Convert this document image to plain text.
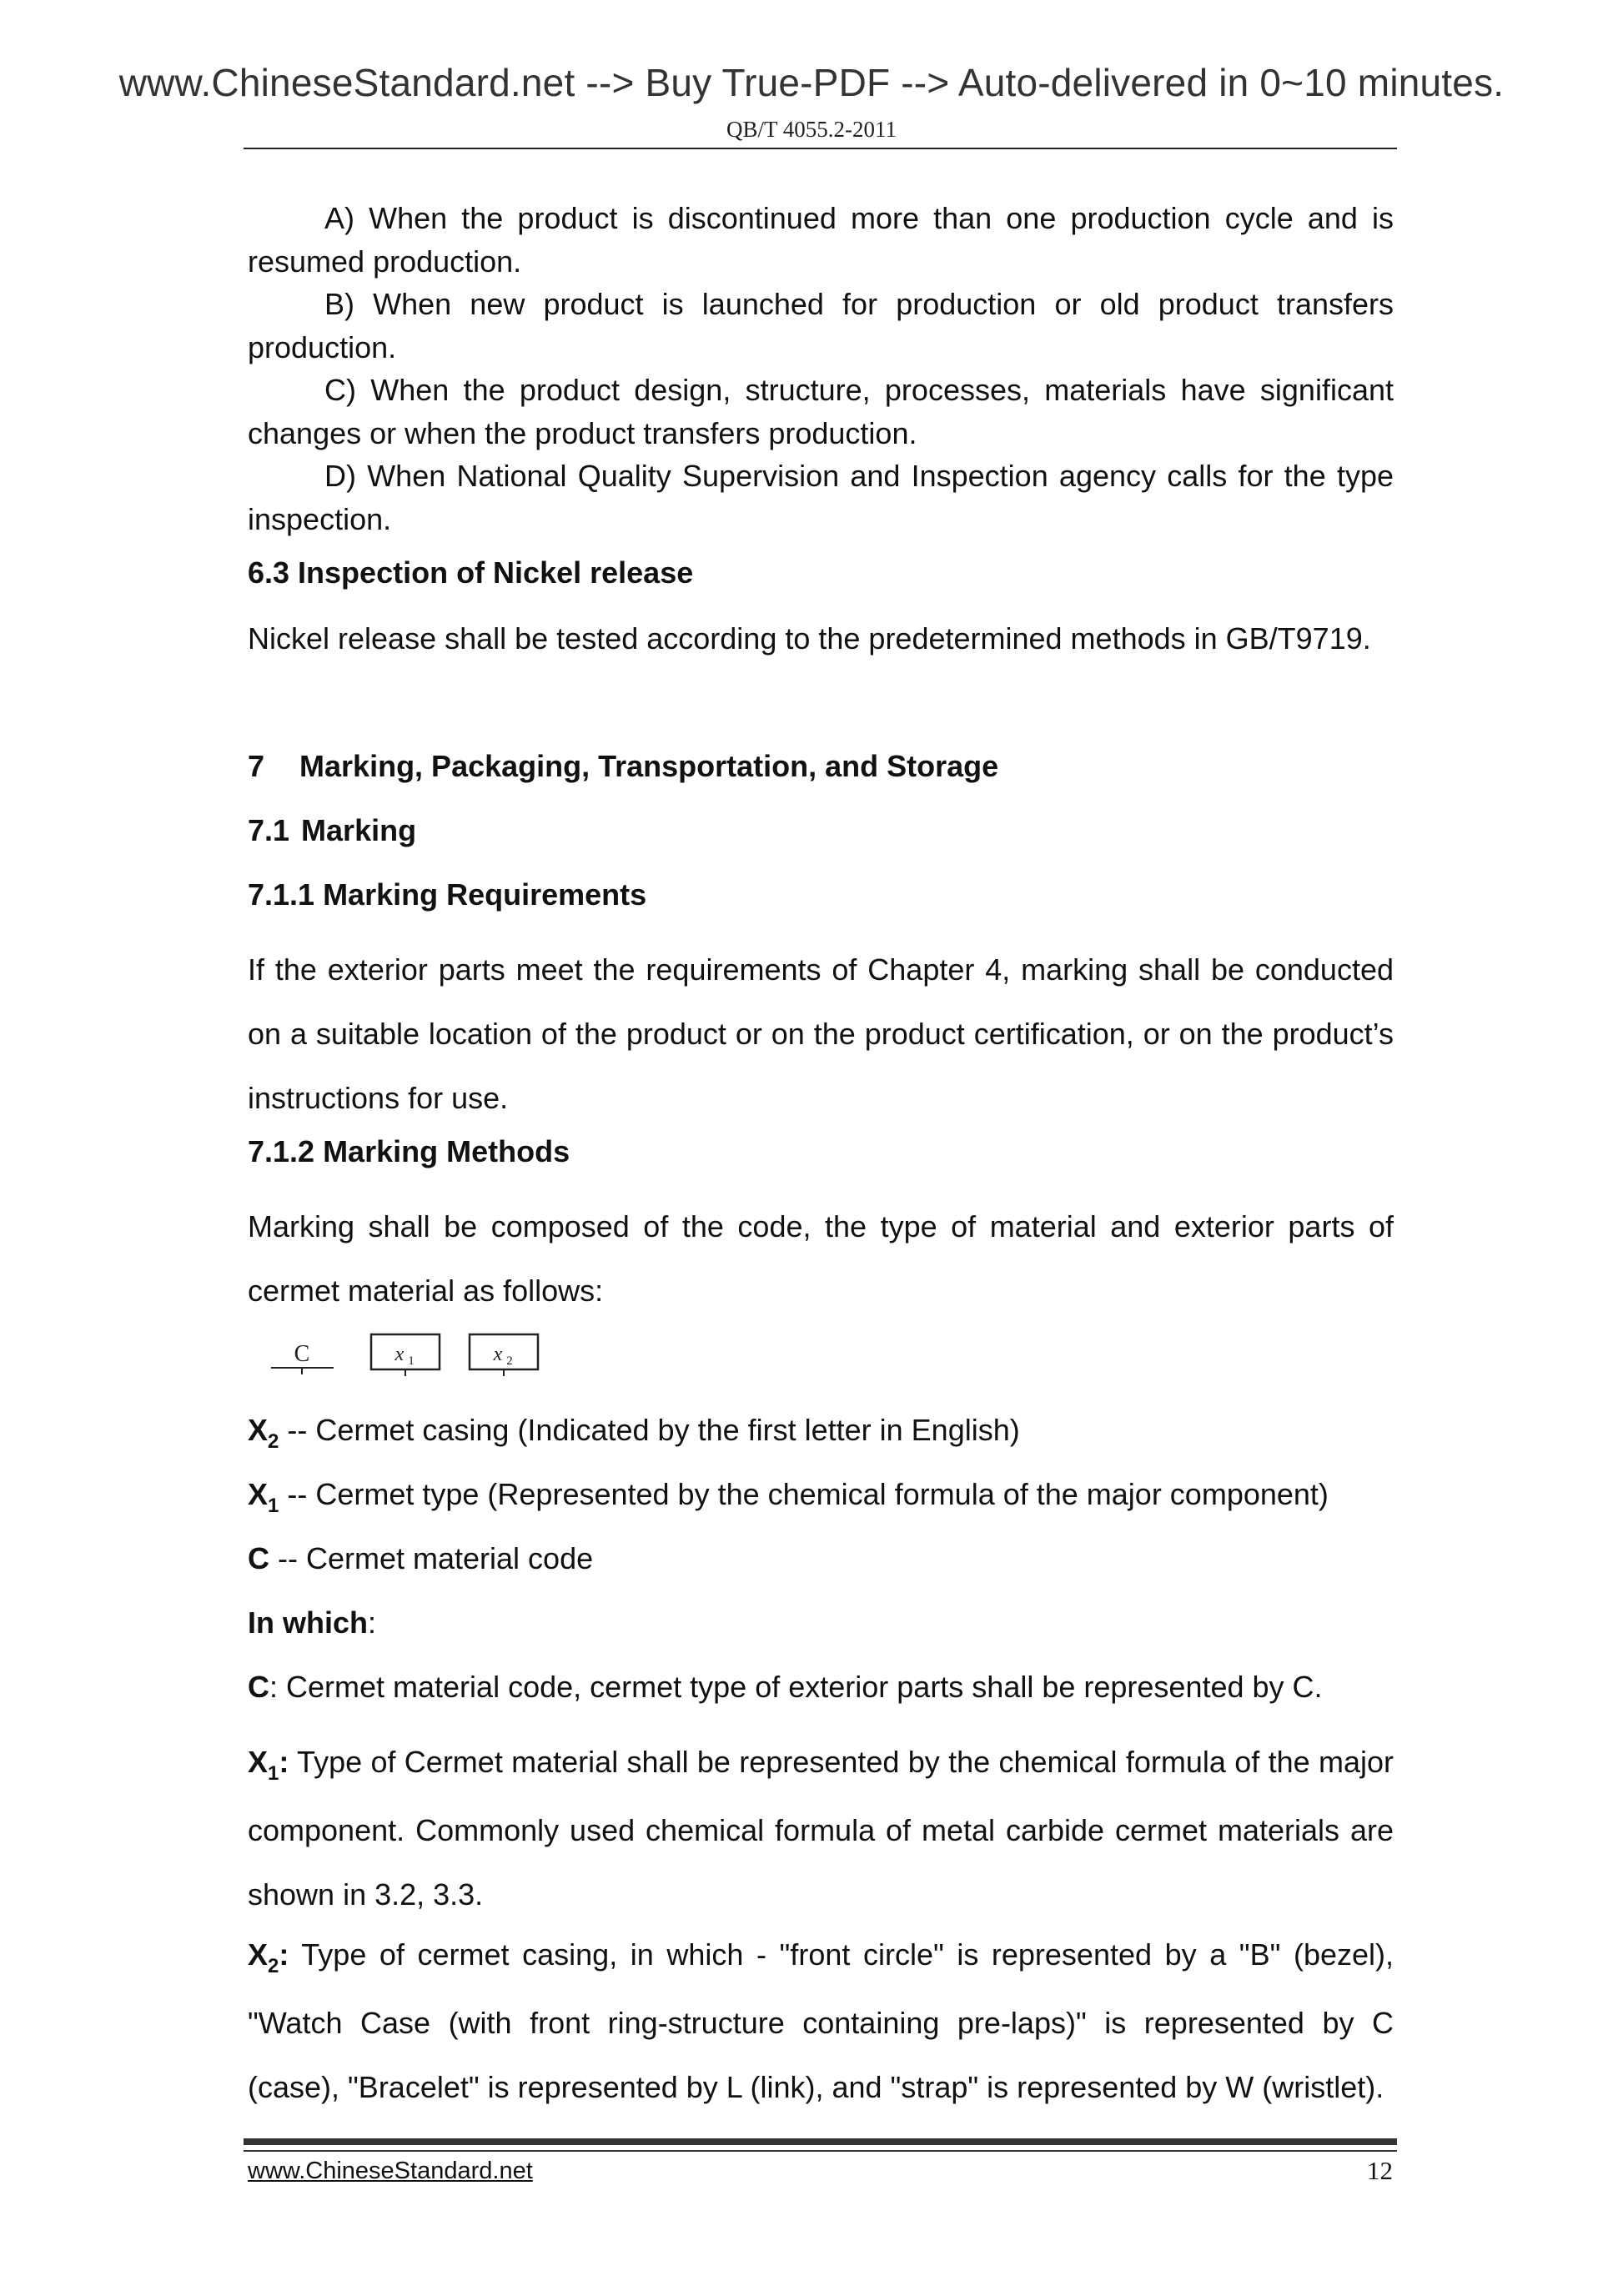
www.ChineseStandard.net --> Buy True-PDF --> Auto-delivered in 0~10 minutes.
QB/T 4055.2-2011

A) When the product is discontinued more than one production cycle and is resumed production.

B) When new product is launched for production or old product transfers production.

C) When the product design, structure, processes, materials have significant changes or when the product transfers production.

D) When National Quality Supervision and Inspection agency calls for the type inspection.

6.3 Inspection of Nickel release

Nickel release shall be tested according to the predetermined methods in GB/T9719.

7 Marking, Packaging, Transportation, and Storage

7.1 Marking

7.1.1 Marking Requirements

If the exterior parts meet the requirements of Chapter 4, marking shall be conducted on a suitable location of the product or on the product certification, or on the product’s instructions for use.

7.1.2 Marking Methods

Marking shall be composed of the code, the type of material and exterior parts of cermet material as follows:

$X_2$ -- Cermet casing (Indicated by the first letter in English)

$X_1$ -- Cermet type (Represented by the chemical formula of the major component)

C -- Cermet material code

In which:

C: Cermet material code, cermet type of exterior parts shall be represented by C.

$X_1$: Type of Cermet material shall be represented by the chemical formula of the major component. Commonly used chemical formula of metal carbide cermet materials are shown in 3.2, 3.3.

$X_2$: Type of cermet casing, in which - "front circle" is represented by a "B" (bezel), "Watch Case (with front ring-structure containing pre-laps)" is represented by C (case), "Bracelet" is represented by L (link), and "strap" is represented by W (wristlet).

C	x 1	x 2
www.ChineseStandard.net	12
